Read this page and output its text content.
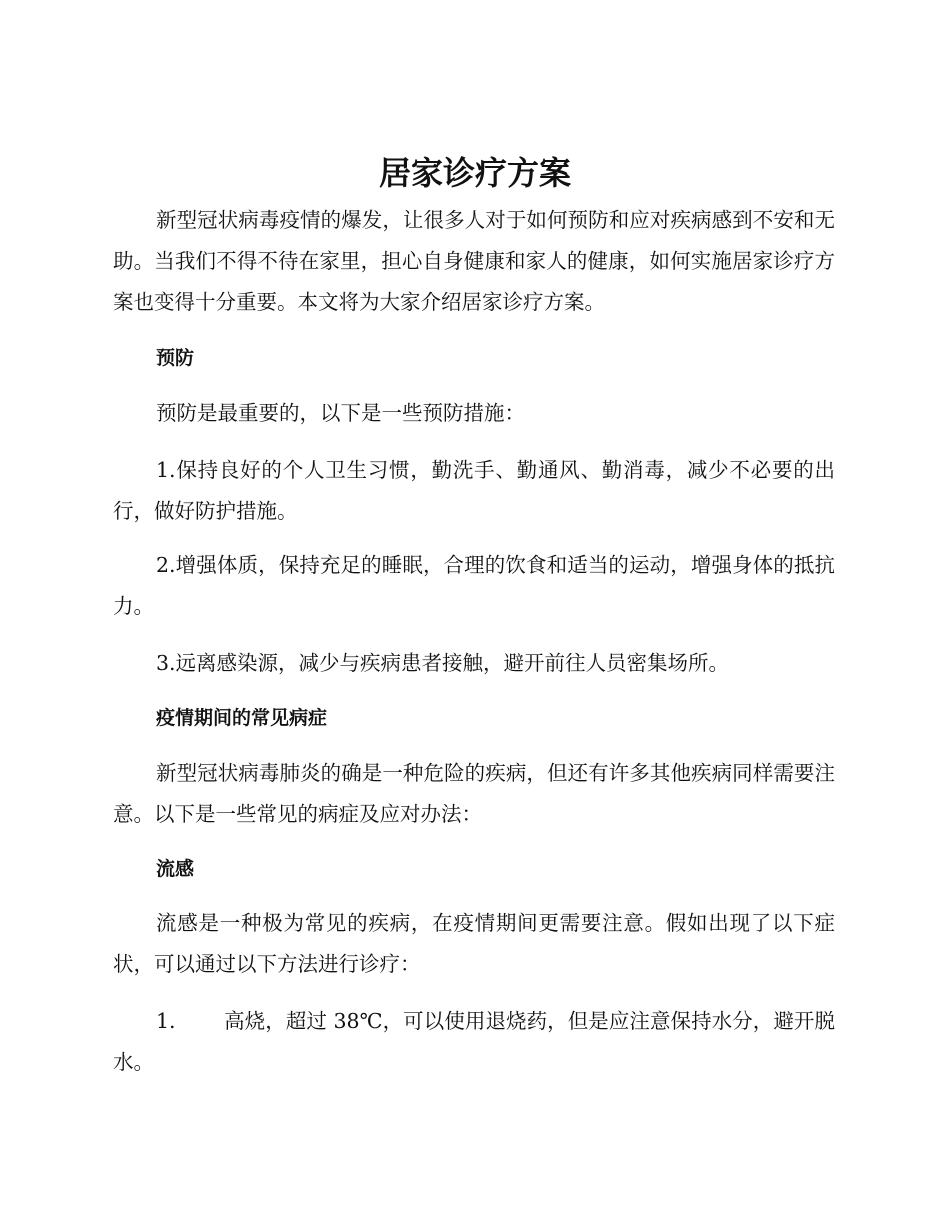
居家诊疗方案

新型冠状病毒疫情的爆发，让很多人对于如何预防和应对疾病感到不安和无助。当我们不得不待在家里，担心自身健康和家人的健康，如何实施居家诊疗方案也变得十分重要。本文将为大家介绍居家诊疗方案。

预防

预防是最重要的，以下是一些预防措施：

1.保持良好的个人卫生习惯，勤洗手、勤通风、勤消毒，减少不必要的出行，做好防护措施。

2.增强体质，保持充足的睡眠，合理的饮食和适当的运动，增强身体的抵抗力。

3.远离感染源，减少与疾病患者接触，避开前往人员密集场所。

疫情期间的常见病症

新型冠状病毒肺炎的确是一种危险的疾病，但还有许多其他疾病同样需要注意。以下是一些常见的病症及应对办法：

流感

流感是一种极为常见的疾病，在疫情期间更需要注意。假如出现了以下症状，可以通过以下方法进行诊疗：

1. 高烧，超过 38℃，可以使用退烧药，但是应注意保持水分，避开脱水。
